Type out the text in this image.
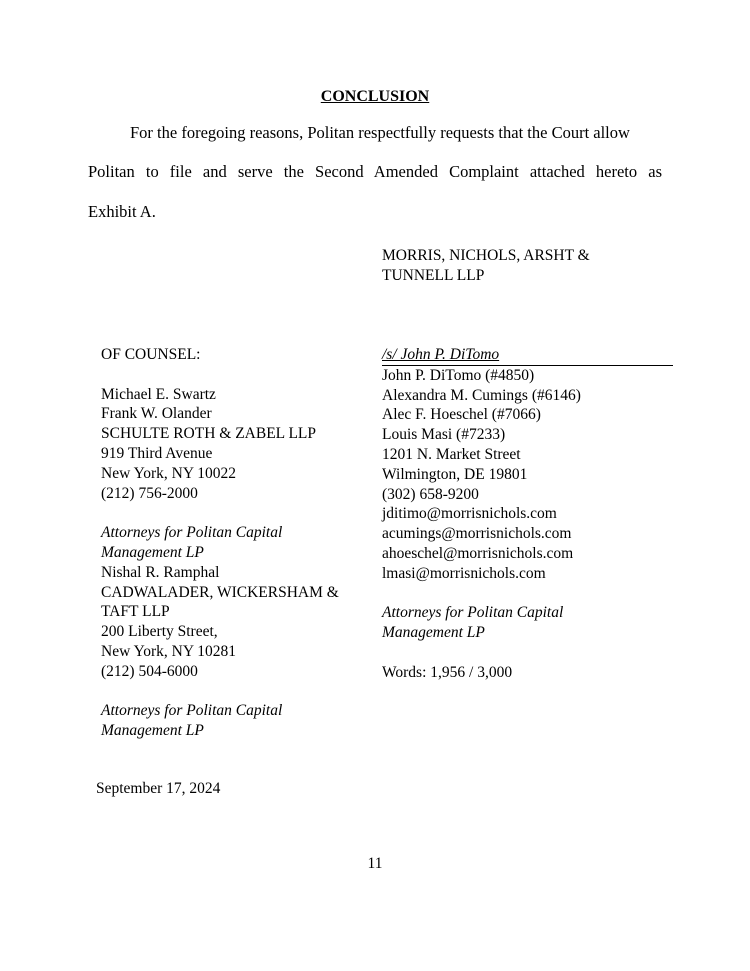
CONCLUSION
For the foregoing reasons, Politan respectfully requests that the Court allow
Politan to file and serve the Second Amended Complaint attached hereto as
Exhibit A.
MORRIS, NICHOLS, ARSHT &
TUNNELL LLP
OF COUNSEL:
Michael E. Swartz
Frank W. Olander
SCHULTE ROTH & ZABEL LLP
919 Third Avenue
New York, NY 10022
(212) 756-2000
Attorneys for Politan Capital
Management LP
Nishal R. Ramphal
CADWALADER, WICKERSHAM &
TAFT LLP
200 Liberty Street,
New York, NY 10281
(212) 504-6000
Attorneys for Politan Capital
Management LP
/s/ John P. DiTomo
John P. DiTomo (#4850)
Alexandra M. Cumings (#6146)
Alec F. Hoeschel (#7066)
Louis Masi (#7233)
1201 N. Market Street
Wilmington, DE 19801
(302) 658-9200
jditimo@morrisnichols.com
acumings@morrisnichols.com
ahoeschel@morrisnichols.com
lmasi@morrisnichols.com
Attorneys for Politan Capital
Management LP
Words: 1,956 / 3,000
September 17, 2024
11
